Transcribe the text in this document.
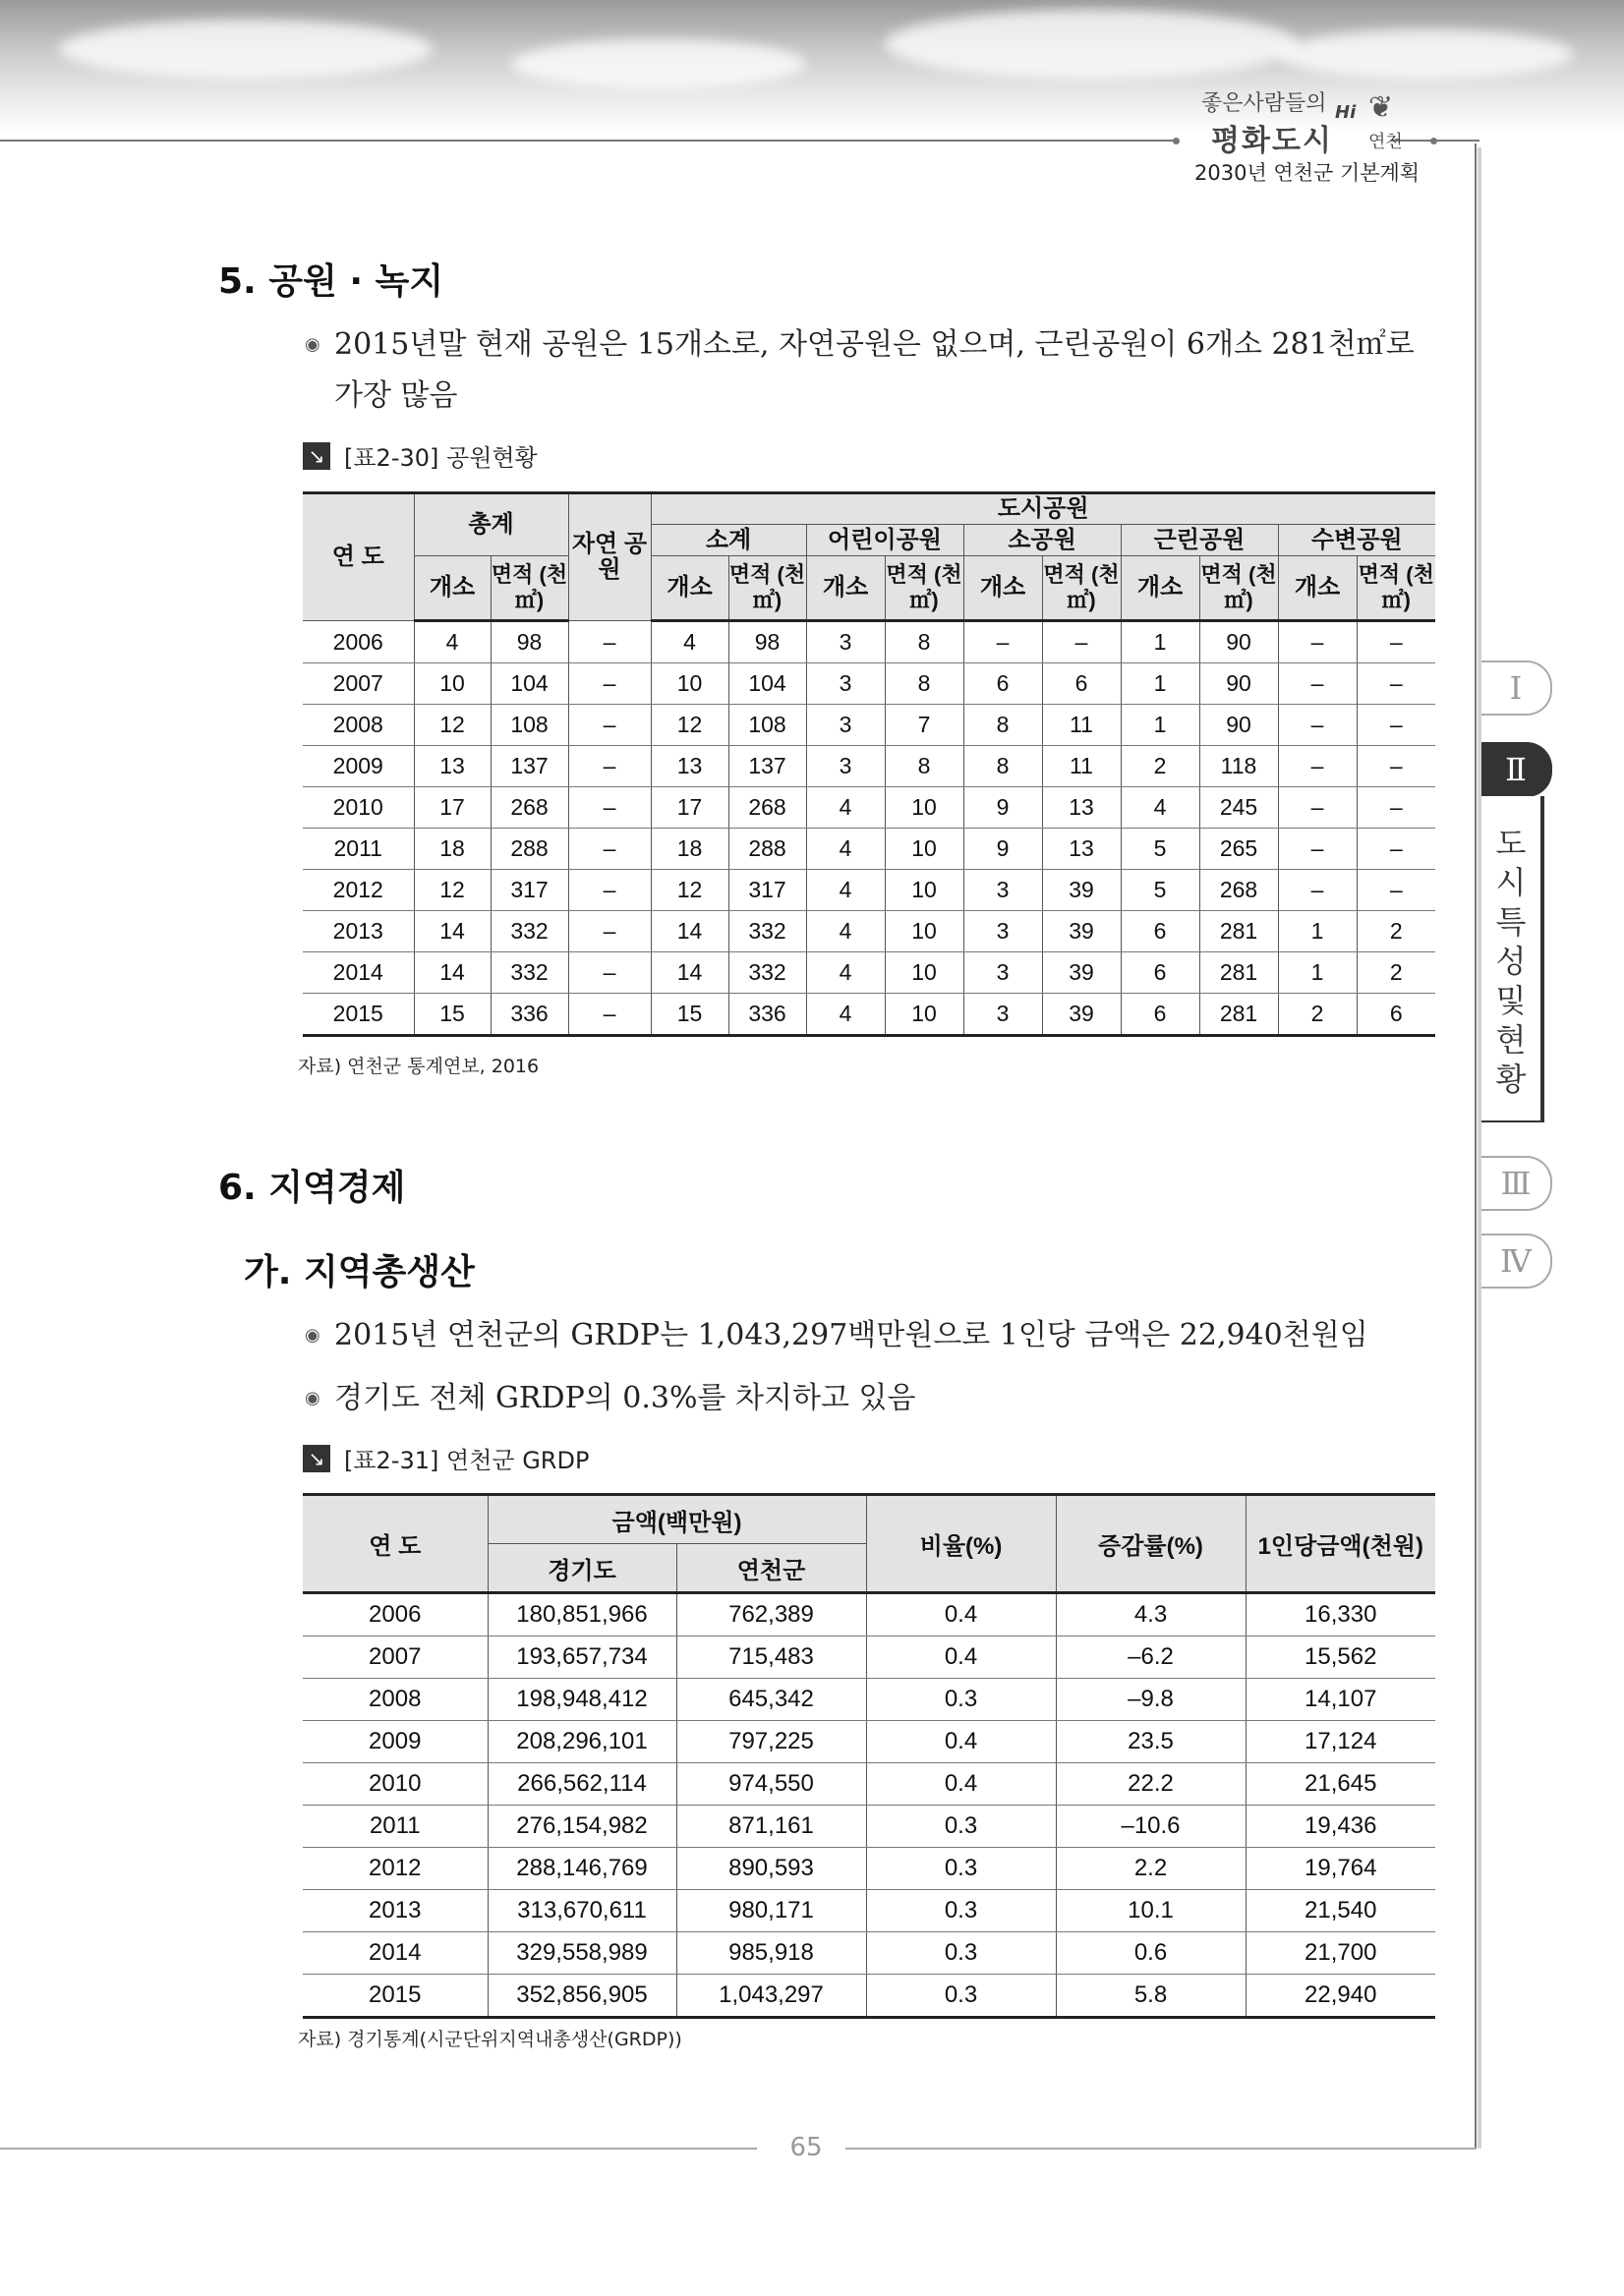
좋은사람들의
평화도시
Hi ❦
연천
2030년 연천군 기본계획
5. 공원 · 녹지
◉ 2015년말 현재 공원은 15개소로, 자연공원은 없으며, 근린공원이 6개소 281천㎡로
가장 많음
↘ [표2-30] 공원현황
연 도	총계		자연 공원	도시공원									
				소계		어린이공원		소공원		근린공원		수변공원	
	개소	면적 (천㎡)		개소	면적 (천㎡)	개소	면적 (천㎡)	개소	면적 (천㎡)	개소	면적 (천㎡)	개소	면적 (천㎡)
2006	4	98	–	4	98	3	8	–	–	1	90	–	–
2007	10	104	–	10	104	3	8	6	6	1	90	–	–
2008	12	108	–	12	108	3	7	8	11	1	90	–	–
2009	13	137	–	13	137	3	8	8	11	2	118	–	–
2010	17	268	–	17	268	4	10	9	13	4	245	–	–
2011	18	288	–	18	288	4	10	9	13	5	265	–	–
2012	12	317	–	12	317	4	10	3	39	5	268	–	–
2013	14	332	–	14	332	4	10	3	39	6	281	1	2
2014	14	332	–	14	332	4	10	3	39	6	281	1	2
2015	15	336	–	15	336	4	10	3	39	6	281	2	6
자료) 연천군 통계연보, 2016
6. 지역경제
가. 지역총생산
◉ 2015년 연천군의 GRDP는 1,043,297백만원으로 1인당 금액은 22,940천원임
◉ 경기도 전체 GRDP의 0.3%를 차지하고 있음
↘ [표2-31] 연천군 GRDP
연 도	금액(백만원)		비율(%)	증감률(%)	1인당금액(천원)
	경기도	연천군			
2006	180,851,966	762,389	0.4	4.3	16,330
2007	193,657,734	715,483	0.4	–6.2	15,562
2008	198,948,412	645,342	0.3	–9.8	14,107
2009	208,296,101	797,225	0.4	23.5	17,124
2010	266,562,114	974,550	0.4	22.2	21,645
2011	276,154,982	871,161	0.3	–10.6	19,436
2012	288,146,769	890,593	0.3	2.2	19,764
2013	313,670,611	980,171	0.3	10.1	21,540
2014	329,558,989	985,918	0.3	0.6	21,700
2015	352,856,905	1,043,297	0.3	5.8	22,940
자료) 경기통계(시군단위지역내총생산(GRDP))
Ⅰ
Ⅱ
도
시
특
성
및
현
황
Ⅲ
Ⅳ
65
